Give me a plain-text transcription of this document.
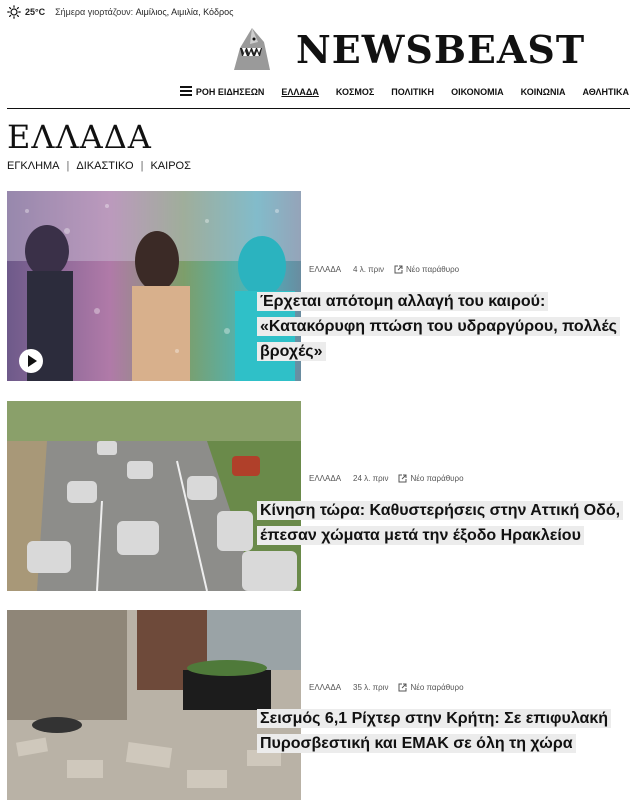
25°C Σήμερα γιορτάζουν:
Αιμίλιος, Αιμιλία, Κόδρος
NEWSBEAST
ΡΟΗ ΕΙΔΗΣΕΩΝ ΕΛΛΑΔΑ ΚΟΣΜΟΣ ΠΟΛΙΤΙΚΗ ΟΙΚΟΝΟΜΙΑ ΚΟΙΝΩΝΙΑ ΑΘΛΗΤΙΚΑ
ΕΛΛΑΔΑ
ΕΓΚΛΗΜΑ | ΔΙΚΑΣΤΙΚΟ | ΚΑΙΡΟΣ
ΕΛΛΑΔΑ 4 λ. πριν	Νέο παράθυρο
Έρχεται απότομη αλλαγή του καιρού: «Κατακόρυφη πτώση του υδραργύρου, πολλές βροχές»
ΕΛΛΑΔΑ 24 λ. πριν	Νέο παράθυρο
Κίνηση τώρα: Καθυστερήσεις στην Αττική Οδό, έπεσαν χώματα μετά την έξοδο Ηρακλείου
ΕΛΛΑΔΑ 35 λ. πριν	Νέο παράθυρο
Σεισμός 6,1 Ρίχτερ στην Κρήτη: Σε επιφυλακή Πυροσβεστική και ΕΜΑΚ σε όλη τη χώρα
